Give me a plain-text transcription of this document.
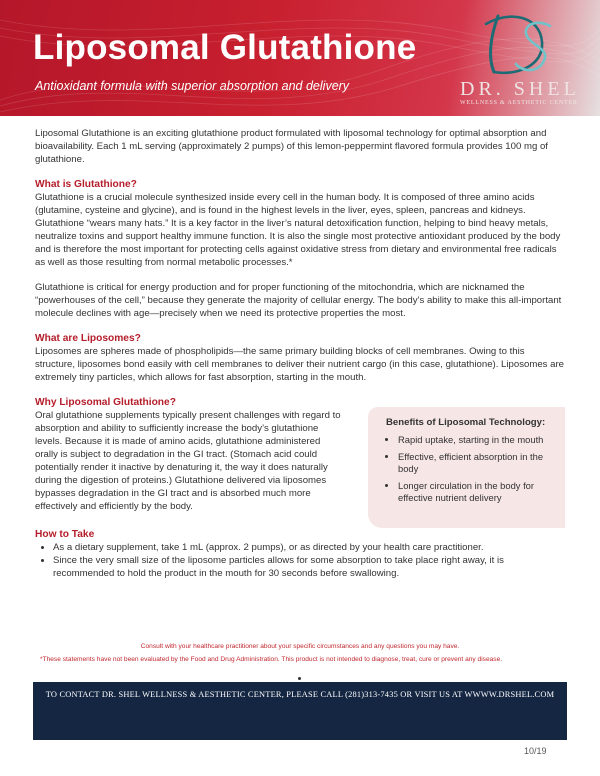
Liposomal Glutathione
Antioxidant formula with superior absorption and delivery	DR. SHEL
WELLNESS & AESTHETIC CENTER

Liposomal Glutathione is an exciting glutathione product formulated with liposomal technology for optimal absorption and bioavailability. Each 1 mL serving (approximately 2 pumps) of this lemon-peppermint flavored formula provides 100 mg of glutathione.

What is Glutathione?

Glutathione is a crucial molecule synthesized inside every cell in the human body. It is composed of three amino acids (glutamine, cysteine and glycine), and is found in the highest levels in the liver, eyes, spleen, pancreas and kidneys. Glutathione “wears many hats.” It is a key factor in the liver’s natural detoxification function, helping to bind heavy metals, neutralize toxins and support healthy immune function. It is also the single most protective antioxidant produced by the body and is therefore the most important for protecting cells against oxidative stress from dietary and environmental free radicals as well as those resulting from normal metabolic processes.*

Glutathione is critical for energy production and for proper functioning of the mitochondria, which are nicknamed the “powerhouses of the cell,” because they generate the majority of cellular energy. The body’s ability to make this all-important molecule declines with age—precisely when we need its protective properties the most.

What are Liposomes?

Liposomes are spheres made of phospholipids—the same primary building blocks of cell membranes. Owing to this structure, liposomes bond easily with cell membranes to deliver their nutrient cargo (in this case, glutathione). Liposomes are extremely tiny particles, which allows for fast absorption, starting in the mouth.

Why Liposomal Glutathione?

Oral glutathione supplements typically present challenges with regard to absorption and ability to sufficiently increase the body’s glutathione levels. Because it is made of amino acids, glutathione administered orally is subject to degradation in the GI tract. (Stomach acid could potentially render it inactive by denaturing it, the way it does naturally during the digestion of proteins.) Glutathione delivered via liposomes bypasses degradation in the GI tract and is absorbed much more effectively and efficiently by the body.

Benefits of Liposomal Technology:
• Rapid uptake, starting in the mouth
• Effective, efficient absorption in the body
• Longer circulation in the body for effective nutrient delivery
How to Take
• As a dietary supplement, take 1 mL (approx. 2 pumps), or as directed by your health care practitioner.
• Since the very small size of the liposome particles allows for some absorption to take place right away, it is recommended to hold the product in the mouth for 30 seconds before swallowing.
Consult with your healthcare practitioner about your specific circumstances and any questions you may have.
*These statements have not been evaluated by the Food and Drug Administration. This product is not intended to diagnose, treat, cure or prevent any disease.
TO CONTACT DR. SHEL WELLNESS & AESTHETIC CENTER, PLEASE CALL (281)313-7435 OR VISIT US AT WWWW.DRSHEL.COM
10/19
